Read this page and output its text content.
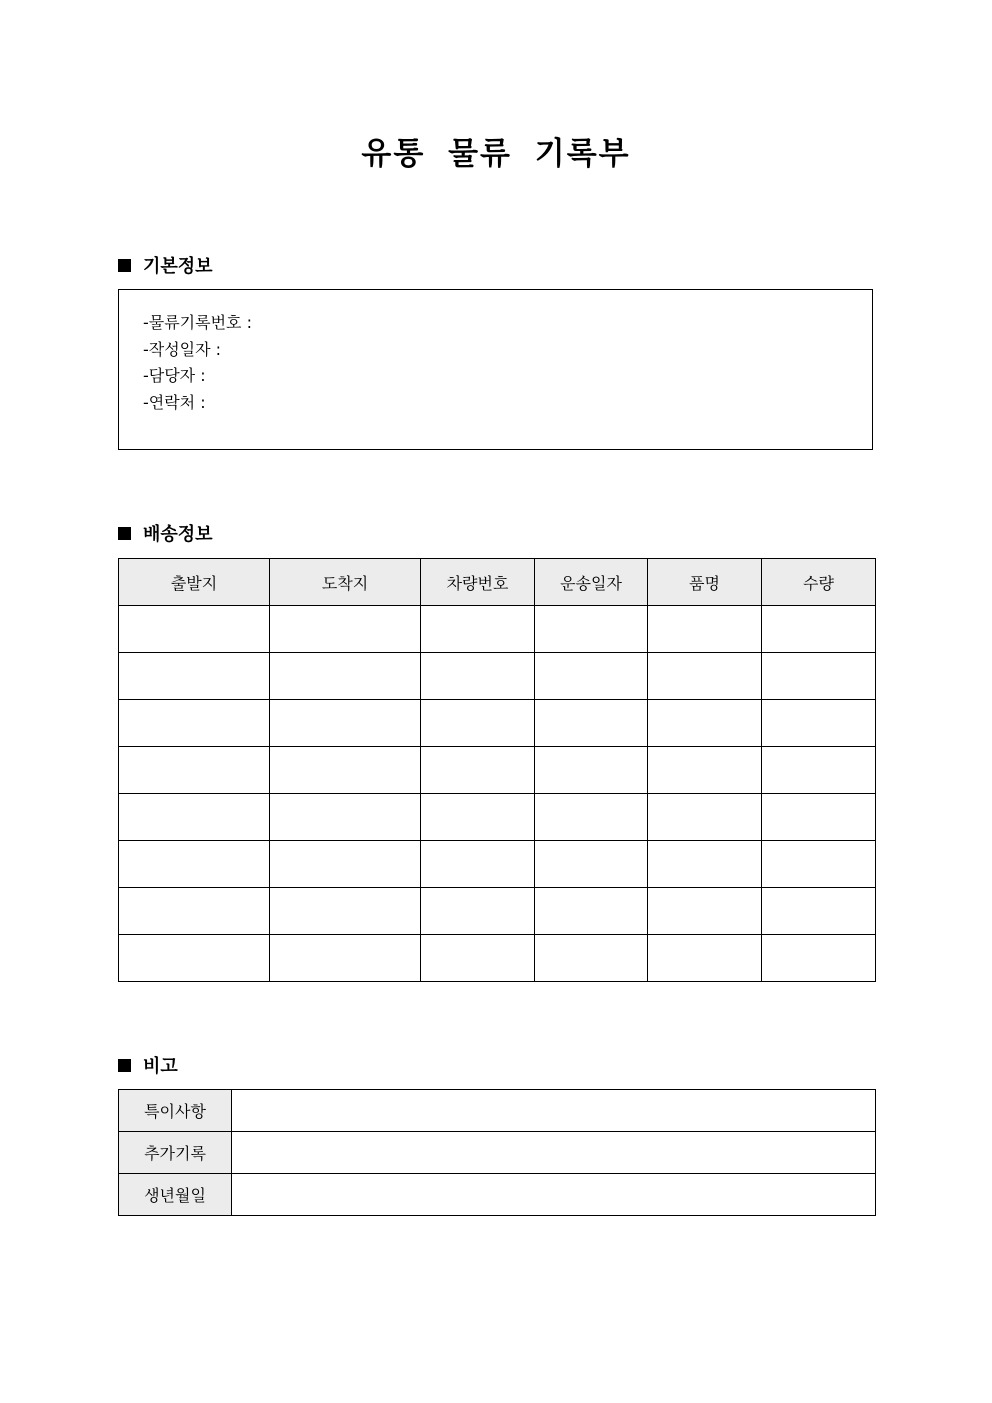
유통 물류 기록부
기본정보
-물류기록번호 :
-작성일자 :
-담당자 :
-연락처 :
배송정보
출발지	도착지	차량번호	운송일자	품명	수량

비고
특이사항	
추가기록	
생년월일	
